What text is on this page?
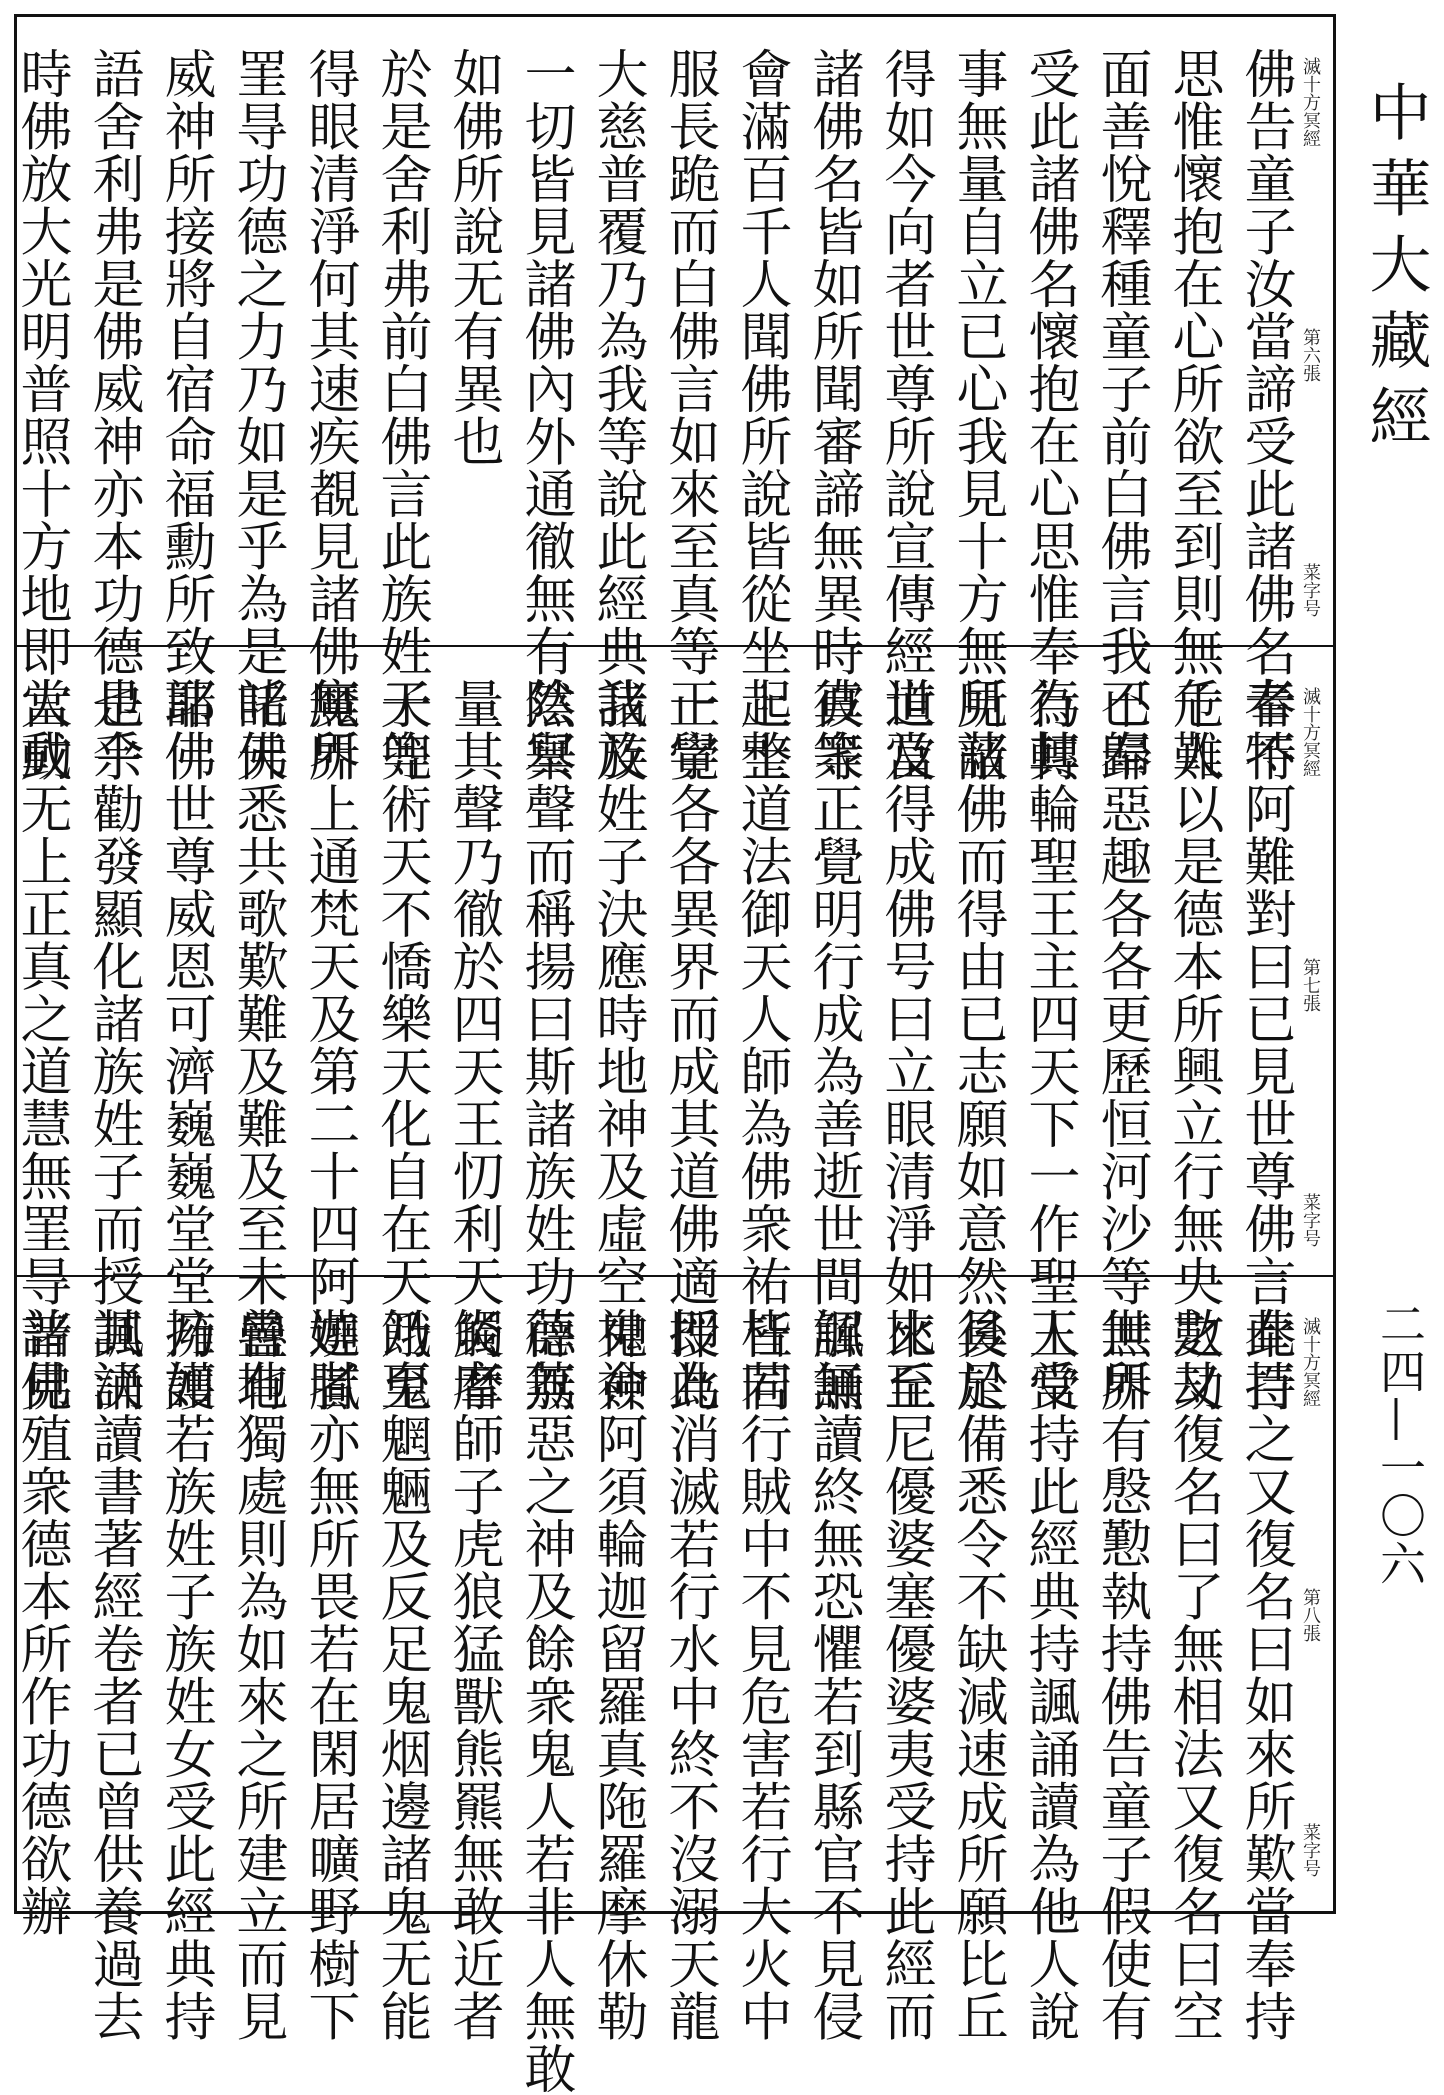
滅十方冥經
第六張
菜字号
佛告童子汝當諦受此諸佛名奉特
思惟懷抱在心所欲至到則無危難
面善悅釋種童子前白佛言我已奉
受此諸佛名懷抱在心思惟奉行其
事無量自立已心我見十方無所蔽
得如今向者世尊所說宣傳經道及
諸佛名皆如所聞審諦無異時彼衆
會滿百千人聞佛所說皆從坐起整
服長跪而白佛言如來至真等正覺
大慈普覆乃為我等說此經典我及
一切皆見諸佛內外通徹無有陰冥
如佛所說无有異也
於是舍利弗前白佛言此族姓子等
得眼清淨何其速疾覩見諸佛無所
罣㝵功德之力乃如是乎為是諸佛
威神所接將自宿命福勳所致耶佛
語舍利弗是佛威神亦本功德也佘
時佛放大光明普照十方地即大動	滅十方冥經
第七張
菜字号
者不阿難對曰已見世尊佛言此百
千人以是德本所興立行無央數劫
不歸惡趣各各更歷恒河沙等世界
為轉輪聖王主四天下一作聖王常
見諸佛而得由已志願如意然後於
世當得成佛号曰立眼清淨如來至
真等正覺明行成為善逝世間解無
上士道法御天人師為佛衆祐皆同
一字各各異界而成其道佛適授此
諸族姓子決應時地神及虛空神僉
然舉聲而稱揚曰斯諸族姓功德無
量其聲乃徹於四天王忉利天炎摩
天兜術天不憍樂天化自在天乃至
魔界上通梵天及第二十四阿迦膩
吒天悉共歌歎難及難及至未曾有
諸佛世尊威恩可濟巍巍堂堂乃如
是乎勸發顯化諸族姓子而授其決
當成无上正真之道慧無罣㝵普見	滅十方冥經
第八張
菜字号
奉持之又復名曰如來所歎當奉持
之又復名曰了無相法又復名曰空
無所有慇懃執持佛告童子假使有
人受持此經典持諷誦讀為他人說
具足備悉令不缺減速成所願比丘
比丘尼優婆塞優婆夷受持此經而
諷誦讀終無恐懼若到縣官不見侵
枉若行賊中不見危害若行大火中
即為消滅若行水中終不沒溺天龍
鬼神阿須輪迦留羅真陁羅摩休勒
薜荔惡之神及餘衆鬼人若非人無敢
觸者師子虎狼猛獸熊羆無敢近者
餓鬼魍魎及反足鬼烟邊諸鬼无能
嬈者亦無所畏若在閑居曠野樹下
蠱地獨處則為如來之所建立而見
擁護若族姓子族姓女受此經典持
諷誦讀書著經卷者已曾供養過去
諸佛殖衆德本所作功德欲辦
中華大藏經
二四—一〇六
